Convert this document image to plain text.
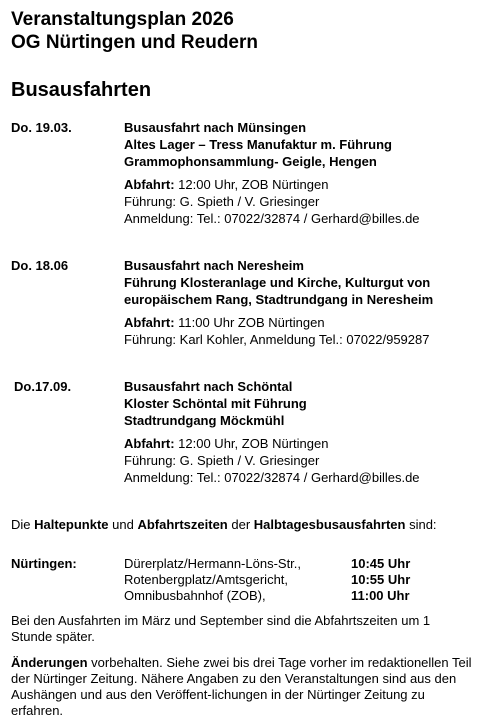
Veranstaltungsplan 2026
OG Nürtingen und Reudern
Busausfahrten
Do. 19.03.	Busausfahrt nach Münsingen

Altes Lager – Tress Manufaktur m. Führung

Grammophonsammlung- Geigle, Hengen

Abfahrt: 12:00 Uhr, ZOB Nürtingen

Führung: G. Spieth / V. Griesinger

Anmeldung: Tel.: 07022/32874 / Gerhard@billes.de

Do. 18.06	Busausfahrt nach Neresheim

Führung Klosteranlage und Kirche, Kulturgut von europäischem Rang, Stadtrundgang in Neresheim

Abfahrt: 11:00 Uhr ZOB Nürtingen

Führung: Karl Kohler, Anmeldung Tel.: 07022/959287

Do.17.09.	Busausfahrt nach Schöntal

Kloster Schöntal mit Führung

Stadtrundgang Möckmühl

Abfahrt: 12:00 Uhr, ZOB Nürtingen

Führung: G. Spieth / V. Griesinger

Anmeldung: Tel.: 07022/32874 / Gerhard@billes.de

Die Haltepunkte und Abfahrtszeiten der Halbtagesbusausfahrten sind:

Nürtingen:	Dürerplatz/Hermann-Löns-Str.,	10:45 Uhr
Rotenbergplatz/Amtsgericht,	10:55 Uhr
Omnibusbahnhof (ZOB),	11:00 Uhr

Bei den Ausfahrten im März und September sind die Abfahrtszeiten um 1 Stunde später.

Änderungen vorbehalten. Siehe zwei bis drei Tage vorher im redaktionellen Teil der Nürtinger Zeitung. Nähere Angaben zu den Veranstaltungen sind aus den Aushängen und aus den Veröffent-lichungen in der Nürtinger Zeitung zu erfahren.
